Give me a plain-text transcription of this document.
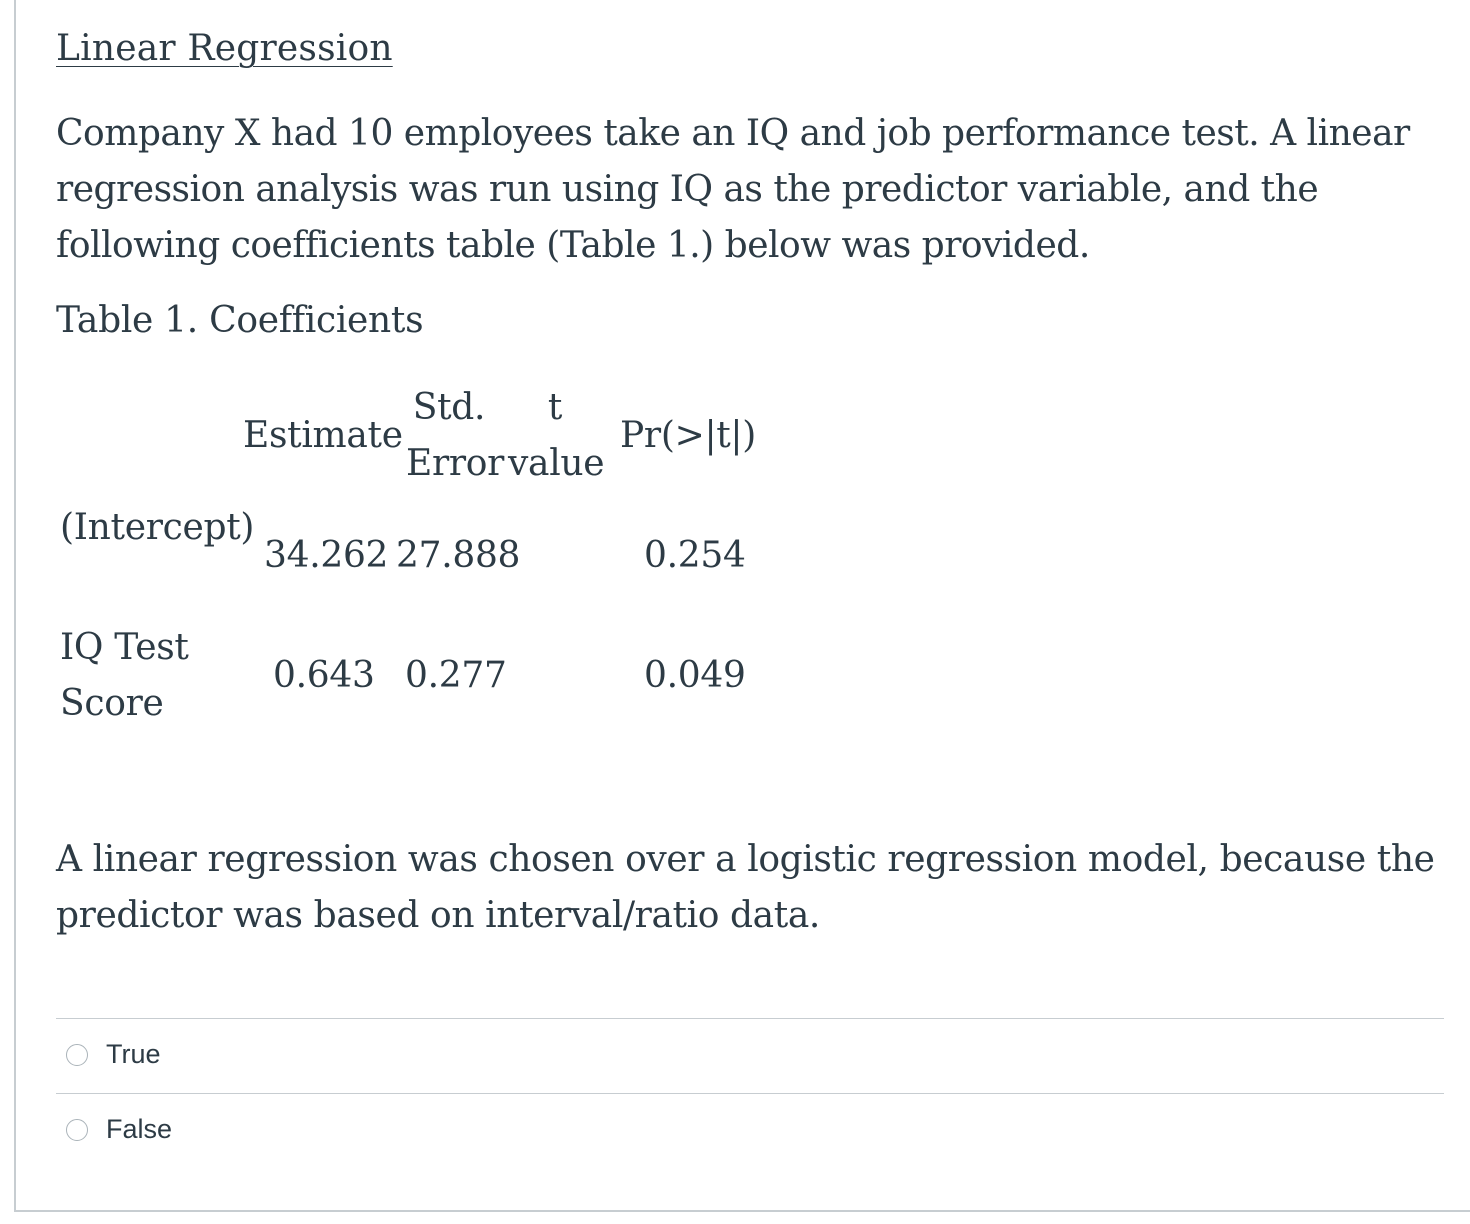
Linear Regression

Company X had 10 employees take an IQ and job performance test. A linear regression analysis was run using IQ as the predictor variable, and the following coefficients table (Table 1.) below was provided.

Table 1. Coefficients
Estimate
Std.
Error
t
value
Pr(>|t|)
(Intercept)
34.262 27.888	0.254
IQ Test
Score
0.643 0.277	0.049

A linear regression was chosen over a logistic regression model, because the predictor was based on interval/ratio data.

True
False
